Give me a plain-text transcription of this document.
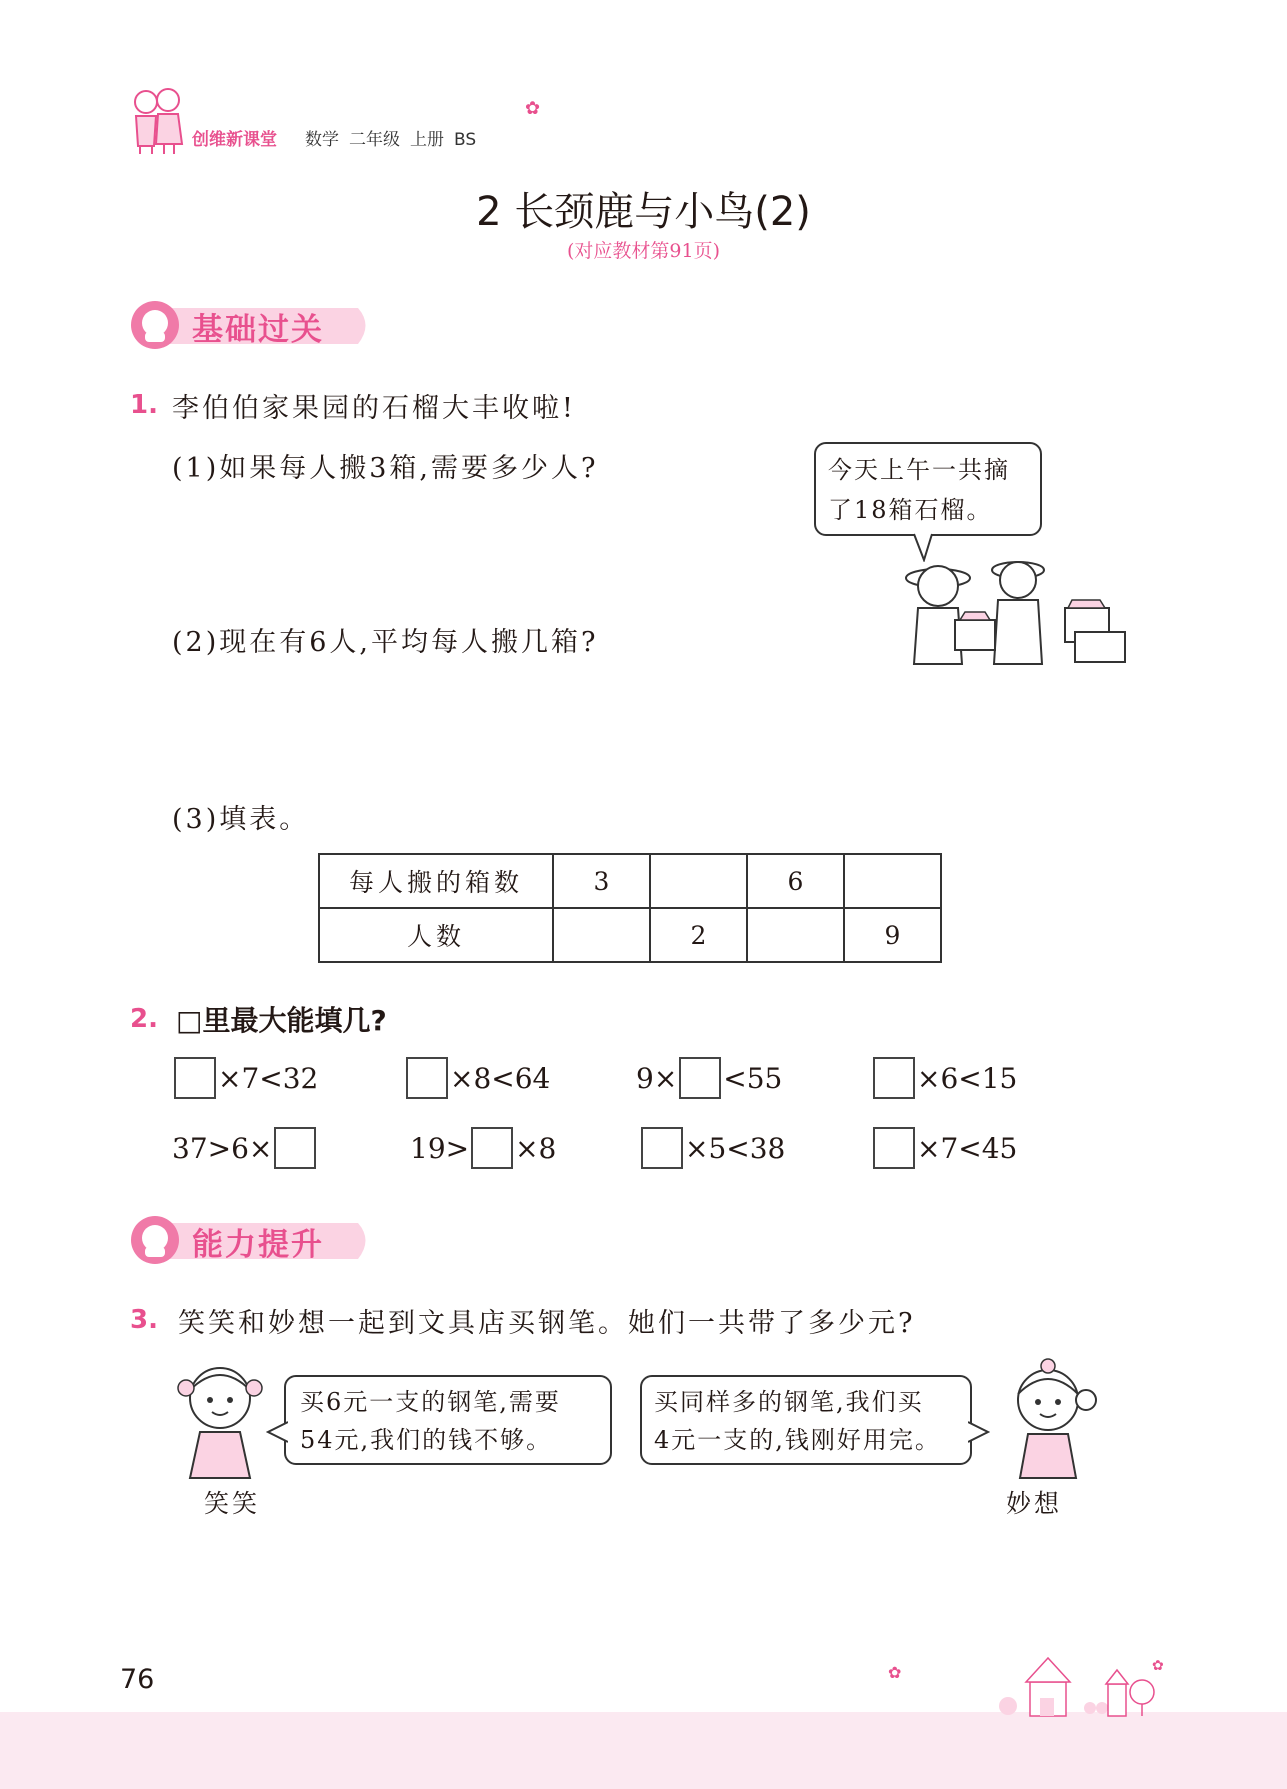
创维新课堂 数学 二年级 上册 BS
✿
2 长颈鹿与小鸟(2)
(对应教材第91页)
基础过关
1. 李伯伯家果园的石榴大丰收啦!
(1)如果每人搬3箱,需要多少人?
(2)现在有6人,平均每人搬几箱?
(3)填表。
今天上午一共摘
了18箱石榴。
每人搬的箱数	3		6	
人数		2		9
2. □里最大能填几?
×7<32	×8<64	9× <55	×6<15
37>6×	19> ×8	×5<38	×7<45
能力提升
3. 笑笑和妙想一起到文具店买钢笔。她们一共带了多少元?
笑笑
买6元一支的钢笔,需要
54元,我们的钱不够。
买同样多的钢笔,我们买
4元一支的,钱刚好用完。
妙想
✿	✿
76
